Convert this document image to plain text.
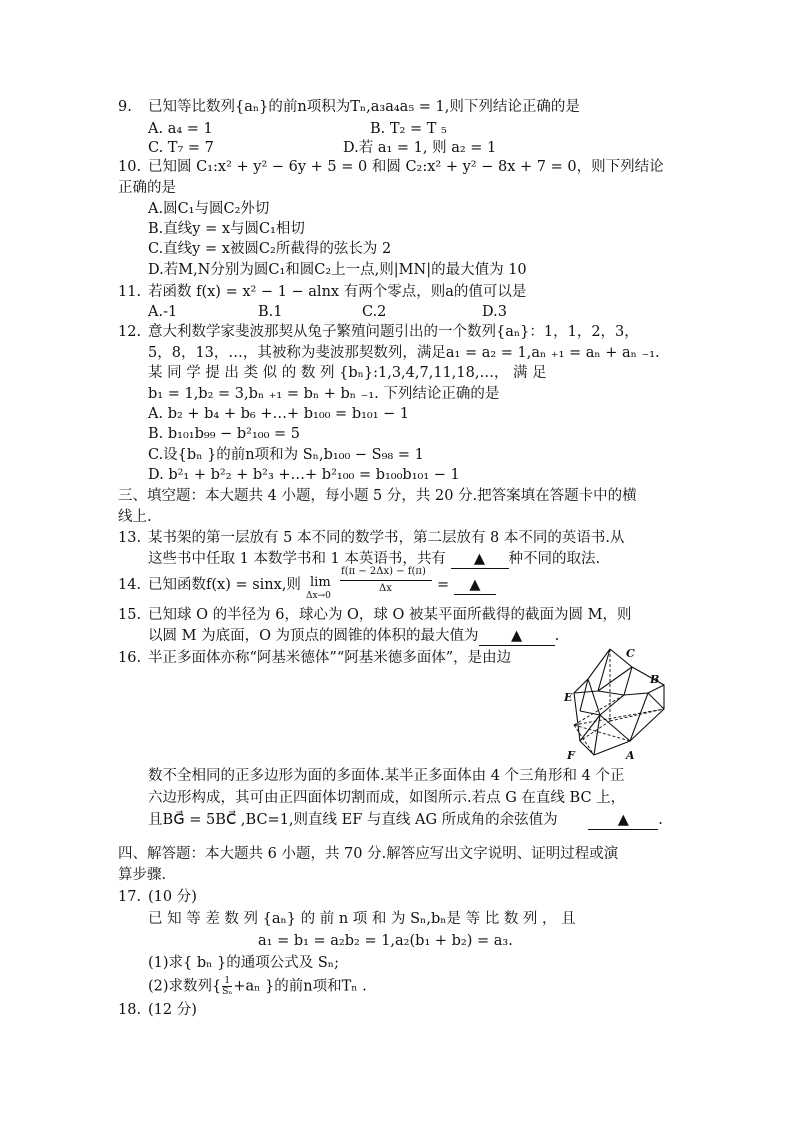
9. 已知等比数列{aₙ}的前n项积为Tₙ,a₃a₄a₅ = 1,则下列结论正确的是
A. a₄ = 1	B. T₂ = T ₅
C. T₇ = 7	D.若 a₁ = 1, 则 a₂ = 1
10. 已知圆 C₁:x² + y² − 6y + 5 = 0 和圆 C₂:x² + y² − 8x + 7 = 0，则下列结论
正确的是
A.圆C₁与圆C₂外切
B.直线y = x与圆C₁相切
C.直线y = x被圆C₂所截得的弦长为 2
D.若M,N分别为圆C₁和圆C₂上一点,则|MN|的最大值为 10
11. 若函数 f(x) = x² − 1 − alnx 有两个零点，则a的值可以是
A.-1	B.1	C.2	D.3
12. 意大利数学家斐波那契从兔子繁殖问题引出的一个数列{aₙ}：1，1，2，3，
5，8，13，…，其被称为斐波那契数列，满足a₁ = a₂ = 1,aₙ ₊₁ = aₙ + aₙ ₋₁.
某 同 学 提 出 类 似 的 数 列 {bₙ}:1,3,4,7,11,18,…， 满 足
b₁ = 1,b₂ = 3,bₙ ₊₁ = bₙ + bₙ ₋₁. 下列结论正确的是
A. b₂ + b₄ + b₆ +…+ b₁₀₀ = b₁₀₁ − 1
B. b₁₀₁b₉₉ − b²₁₀₀ = 5
C.设{bₙ }的前n项和为 Sₙ,b₁₀₀ − S₉₈ = 1
D. b²₁ + b²₂ + b²₃ +…+ b²₁₀₀ = b₁₀₀b₁₀₁ − 1
三、填空题：本大题共 4 小题，每小题 5 分，共 20 分.把答案填在答题卡中的横
线上.
13. 某书架的第一层放有 5 本不同的数学书，第二层放有 8 本不同的英语书.从
这些书中任取 1 本数学书和 1 本英语书，共有 ▲ 种不同的取法.
14. 已知函数f(x) = sinx,则 lim
Δx→0
f(π − 2Δx) − f(π)
Δx	=	▲
15. 已知球 O 的半径为 6，球心为 O，球 O 被某平面所截得的截面为圆 M，则
以圆 M 为底面，O 为顶点的圆锥的体积的最大值为 ▲ .
16. 半正多面体亦称“阿基米德体”“阿基米德多面体”，是由边	C
B
E
F	A
数不全相同的正多边形为面的多面体.某半正多面体由 4 个三角形和 4 个正
六边形构成，其可由正四面体切割而成，如图所示.若点 G 在直线 BC 上，
且BG⃗ = 5BC⃗ ,BC=1,则直线 EF 与直线 AG 所成角的余弦值为	▲ .
四、解答题：本大题共 6 小题，共 70 分.解答应写出文字说明、证明过程或演
算步骤.
17. (10 分)
已 知 等 差 数 列 {aₙ} 的 前 n 项 和 为 Sₙ,bₙ是 等 比 数 列 ， 且
a₁ = b₁ = a₂b₂ = 1,a₂(b₁ + b₂) = a₃.
(1)求{ bₙ }的通项公式及 Sₙ;
(2)求数列{ $\frac{1}{\text{Sₙ}} +a_n$ }的前n项和Tₙ .
18. (12 分)
